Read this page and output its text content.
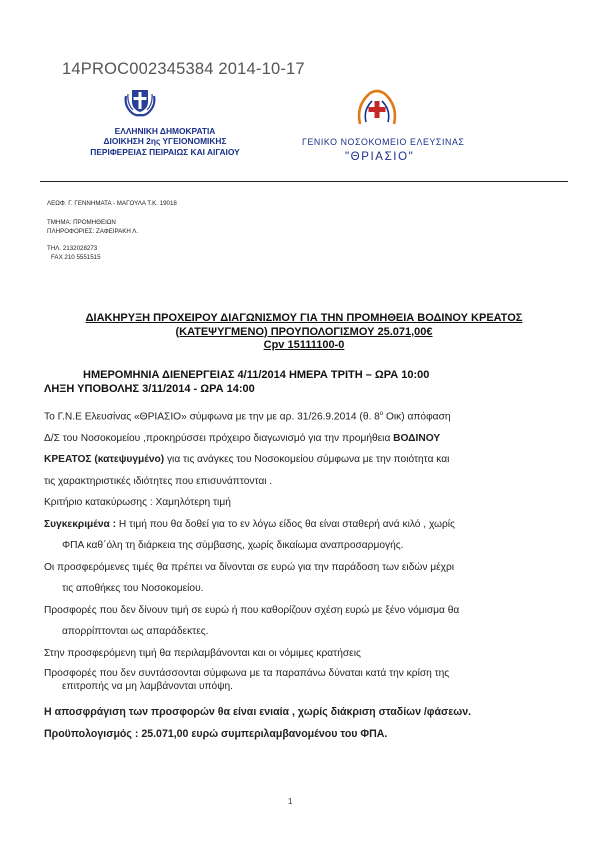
14PROC002345384 2014-10-17
ΕΛΛΗΝΙΚΗ ΔΗΜΟΚΡΑΤΙΑ
ΔΙΟΙΚΗΣΗ 2ης ΥΓΕΙΟΝΟΜΙΚΗΣ
ΠΕΡΙΦΕΡΕΙΑΣ ΠΕΙΡΑΙΩΣ ΚΑΙ ΑΙΓΑΙΟΥ
ΓΕΝΙΚΟ ΝΟΣΟΚΟΜΕΙΟ ΕΛΕΥΣΙΝΑΣ
"ΘΡΙΑΣΙΟ"
ΛΕΩΦ. Γ. ΓΕΝΝΗΜΑΤΑ - ΜΑΓΟΥΛΑ Τ.Κ. 19018
ΤΜΗΜΑ: ΠΡΟΜΗΘΕΙΩΝ
ΠΛΗΡΟΦΟΡΙΕΣ: ΖΑΦΕΙΡΑΚΗ Λ.
ΤΗΛ. 2132028273
FAX 210 5551515
ΔΙΑΚΗΡΥΞΗ ΠΡΟΧΕΙΡΟΥ ΔΙΑΓΩΝΙΣΜΟΥ ΓΙΑ ΤΗΝ ΠΡΟΜΗΘΕΙΑ ΒΟΔΙΝΟΥ ΚΡΕΑΤΟΣ
(ΚΑΤΕΨΥΓΜΕΝΟ) ΠΡΟΥΠΟΛΟΓΙΣΜΟΥ 25.071,00€
Cpv 15111100-0
ΗΜΕΡΟΜΗΝΙΑ ΔΙΕΝΕΡΓΕΙΑΣ 4/11/2014 ΗΜΕΡΑ ΤΡΙΤΗ – ΩΡΑ 10:00
ΛΗΞΗ ΥΠΟΒΟΛΗΣ 3/11/2014 - ΩΡΑ 14:00

Το Γ.Ν.Ε Ελευσίνας «ΘΡΙΑΣΙΟ» σύμφωνα με την με αρ. 31/26.9.2014 (θ. $8^o$ Οικ) απόφαση

Δ/Σ του Νοσοκομείου ,προκηρύσσει πρόχειρο διαγωνισμό για την προμήθεια ΒΟΔΙΝΟΥ

ΚΡΕΑΤΟΣ (κατεψυγμένο) για τις ανάγκες του Νοσοκομείου σύμφωνα με την ποιότητα και

τις χαρακτηριστικές ιδιότητες που επισυνάπτονται .

Κριτήριο κατακύρωσης : Χαμηλότερη τιμή

Συγκεκριμένα : Η τιμή που θα δοθεί για το εν λόγω είδος θα είναι σταθερή ανά κιλό , χωρίς

ΦΠΑ καθ΄όλη τη διάρκεια της σύμβασης, χωρίς δικαίωμα αναπροσαρμογής.

Οι προσφερόμενες τιμές θα πρέπει να δίνονται σε ευρώ για την παράδοση των ειδών μέχρι

τις αποθήκες του Νοσοκομείου.

Προσφορές που δεν δίνουν τιμή σε ευρώ ή που καθορίζουν σχέση ευρώ με ξένο νόμισμα θα

απορρίπτονται ως απαράδεκτες.

Στην προσφερόμενη τιμή θα περιλαμβάνονται και οι νόμιμες κρατήσεις

Προσφορές που δεν συντάσσονται σύμφωνα με τα παραπάνω δύναται κατά την κρίση της

επιτροπής να μη λαμβάνονται υπόψη.

Η αποσφράγιση των προσφορών θα είναι ενιαία , χωρίς διάκριση σταδίων /φάσεων.

Προϋπολογισμός : 25.071,00 ευρώ συμπεριλαμβανομένου του ΦΠΑ.

1
